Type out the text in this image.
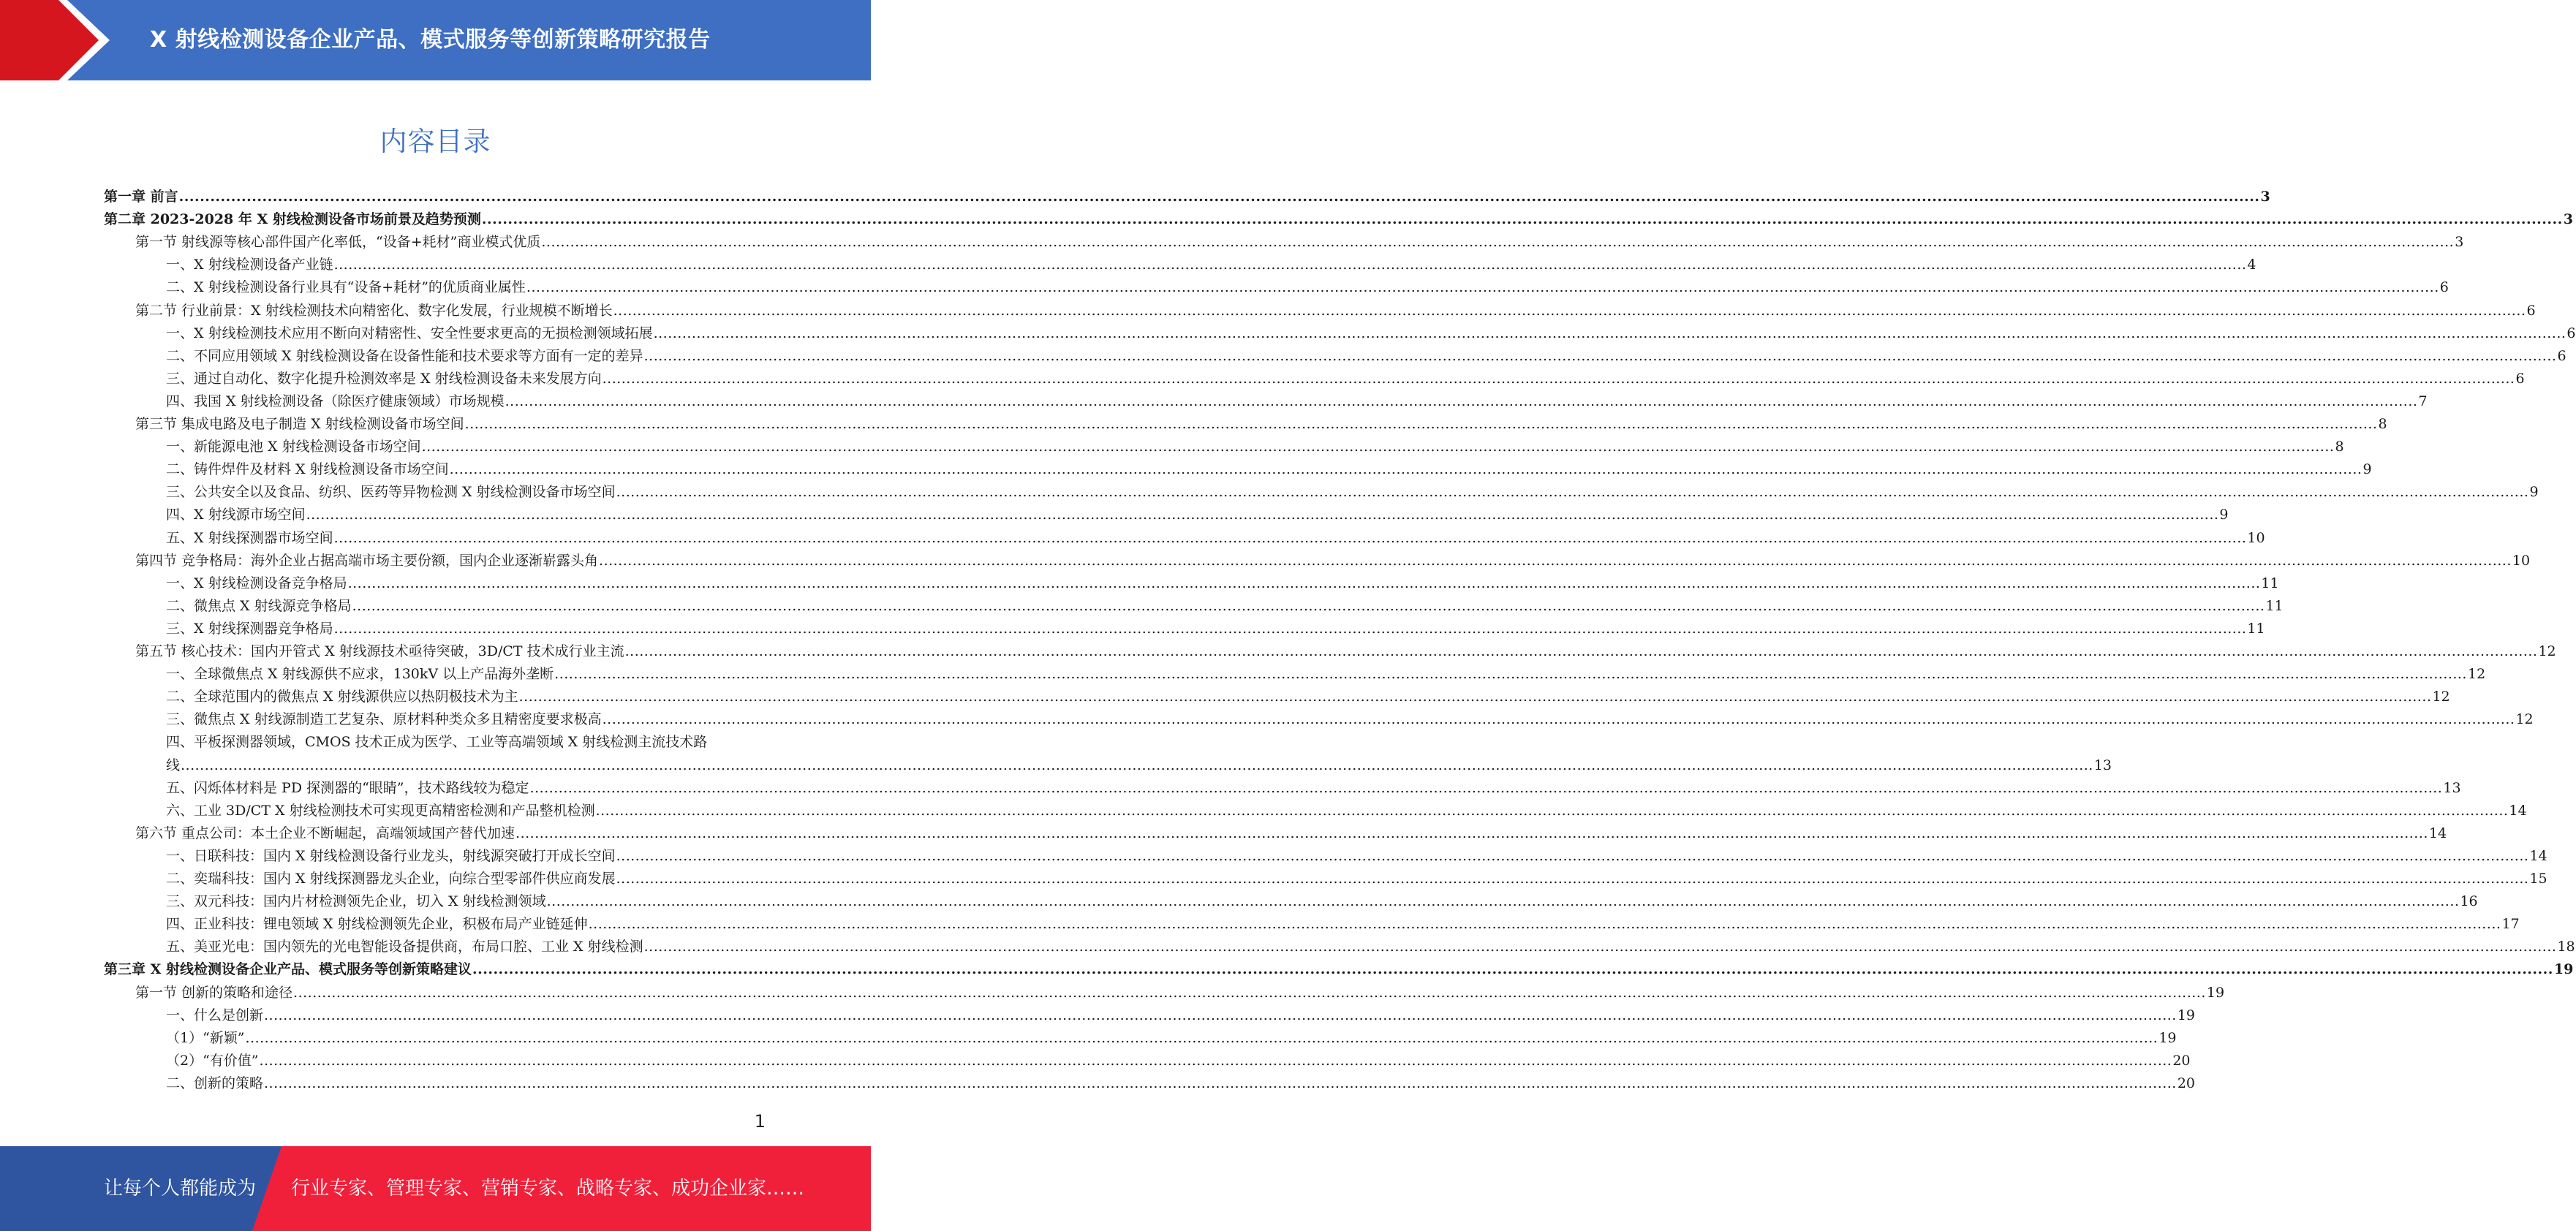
X 射线检测设备企业产品、模式服务等创新策略研究报告
内容目录
第一章 前言 ................................................................................................................................................................................................................................................................................................................................................................................................................ 3
第二章 2023-2028 年 X 射线检测设备市场前景及趋势预测 ................................................................................................................................................................................................................................................................................................................................................................................................................ 3
第一节 射线源等核心部件国产化率低，“设备+耗材”商业模式优质 ................................................................................................................................................................................................................................................................................................................................................................................................................ 3
一、X 射线检测设备产业链 ................................................................................................................................................................................................................................................................................................................................................................................................................ 4
二、X 射线检测设备行业具有“设备+耗材”的优质商业属性 ................................................................................................................................................................................................................................................................................................................................................................................................................ 6
第二节 行业前景：X 射线检测技术向精密化、数字化发展，行业规模不断增长 ................................................................................................................................................................................................................................................................................................................................................................................................................ 6
一、X 射线检测技术应用不断向对精密性、安全性要求更高的无损检测领域拓展 ................................................................................................................................................................................................................................................................................................................................................................................................................ 6
二、不同应用领域 X 射线检测设备在设备性能和技术要求等方面有一定的差异 ................................................................................................................................................................................................................................................................................................................................................................................................................ 6
三、通过自动化、数字化提升检测效率是 X 射线检测设备未来发展方向 ................................................................................................................................................................................................................................................................................................................................................................................................................ 6
四、我国 X 射线检测设备（除医疗健康领域）市场规模 ................................................................................................................................................................................................................................................................................................................................................................................................................ 7
第三节 集成电路及电子制造 X 射线检测设备市场空间 ................................................................................................................................................................................................................................................................................................................................................................................................................ 8
一、新能源电池 X 射线检测设备市场空间 ................................................................................................................................................................................................................................................................................................................................................................................................................ 8
二、铸件焊件及材料 X 射线检测设备市场空间 ................................................................................................................................................................................................................................................................................................................................................................................................................ 9
三、公共安全以及食品、纺织、医药等异物检测 X 射线检测设备市场空间 ................................................................................................................................................................................................................................................................................................................................................................................................................ 9
四、X 射线源市场空间 ................................................................................................................................................................................................................................................................................................................................................................................................................ 9
五、X 射线探测器市场空间 ................................................................................................................................................................................................................................................................................................................................................................................................................ 10
第四节 竞争格局：海外企业占据高端市场主要份额，国内企业逐渐崭露头角 ................................................................................................................................................................................................................................................................................................................................................................................................................ 10
一、X 射线检测设备竞争格局 ................................................................................................................................................................................................................................................................................................................................................................................................................ 11
二、微焦点 X 射线源竞争格局 ................................................................................................................................................................................................................................................................................................................................................................................................................ 11
三、X 射线探测器竞争格局 ................................................................................................................................................................................................................................................................................................................................................................................................................ 11
第五节 核心技术：国内开管式 X 射线源技术亟待突破，3D/CT 技术成行业主流 ................................................................................................................................................................................................................................................................................................................................................................................................................ 12
一、全球微焦点 X 射线源供不应求，130kV 以上产品海外垄断 ................................................................................................................................................................................................................................................................................................................................................................................................................ 12
二、全球范围内的微焦点 X 射线源供应以热阴极技术为主 ................................................................................................................................................................................................................................................................................................................................................................................................................ 12
三、微焦点 X 射线源制造工艺复杂、原材料种类众多且精密度要求极高 ................................................................................................................................................................................................................................................................................................................................................................................................................ 12
四、平板探测器领域，CMOS 技术正成为医学、工业等高端领域 X 射线检测主流技术路
线 ................................................................................................................................................................................................................................................................................................................................................................................................................ 13
五、闪烁体材料是 PD 探测器的“眼睛”，技术路线较为稳定 ................................................................................................................................................................................................................................................................................................................................................................................................................ 13
六、工业 3D/CT X 射线检测技术可实现更高精密检测和产品整机检测 ................................................................................................................................................................................................................................................................................................................................................................................................................ 14
第六节 重点公司：本土企业不断崛起，高端领域国产替代加速 ................................................................................................................................................................................................................................................................................................................................................................................................................ 14
一、日联科技：国内 X 射线检测设备行业龙头，射线源突破打开成长空间 ................................................................................................................................................................................................................................................................................................................................................................................................................ 14
二、奕瑞科技：国内 X 射线探测器龙头企业，向综合型零部件供应商发展 ................................................................................................................................................................................................................................................................................................................................................................................................................ 15
三、双元科技：国内片材检测领先企业，切入 X 射线检测领域 ................................................................................................................................................................................................................................................................................................................................................................................................................ 16
四、正业科技：锂电领域 X 射线检测领先企业，积极布局产业链延伸 ................................................................................................................................................................................................................................................................................................................................................................................................................ 17
五、美亚光电：国内领先的光电智能设备提供商，布局口腔、工业 X 射线检测 ................................................................................................................................................................................................................................................................................................................................................................................................................ 18
第三章 X 射线检测设备企业产品、模式服务等创新策略建议 ................................................................................................................................................................................................................................................................................................................................................................................................................ 19
第一节 创新的策略和途径 ................................................................................................................................................................................................................................................................................................................................................................................................................ 19
一、什么是创新 ................................................................................................................................................................................................................................................................................................................................................................................................................ 19
（1）“新颖” ................................................................................................................................................................................................................................................................................................................................................................................................................ 19
（2）“有价值” ................................................................................................................................................................................................................................................................................................................................................................................................................ 20
二、创新的策略 ................................................................................................................................................................................................................................................................................................................................................................................................................ 20
1
让每个人都能成为 行业专家、管理专家、营销专家、战略专家、成功企业家……
